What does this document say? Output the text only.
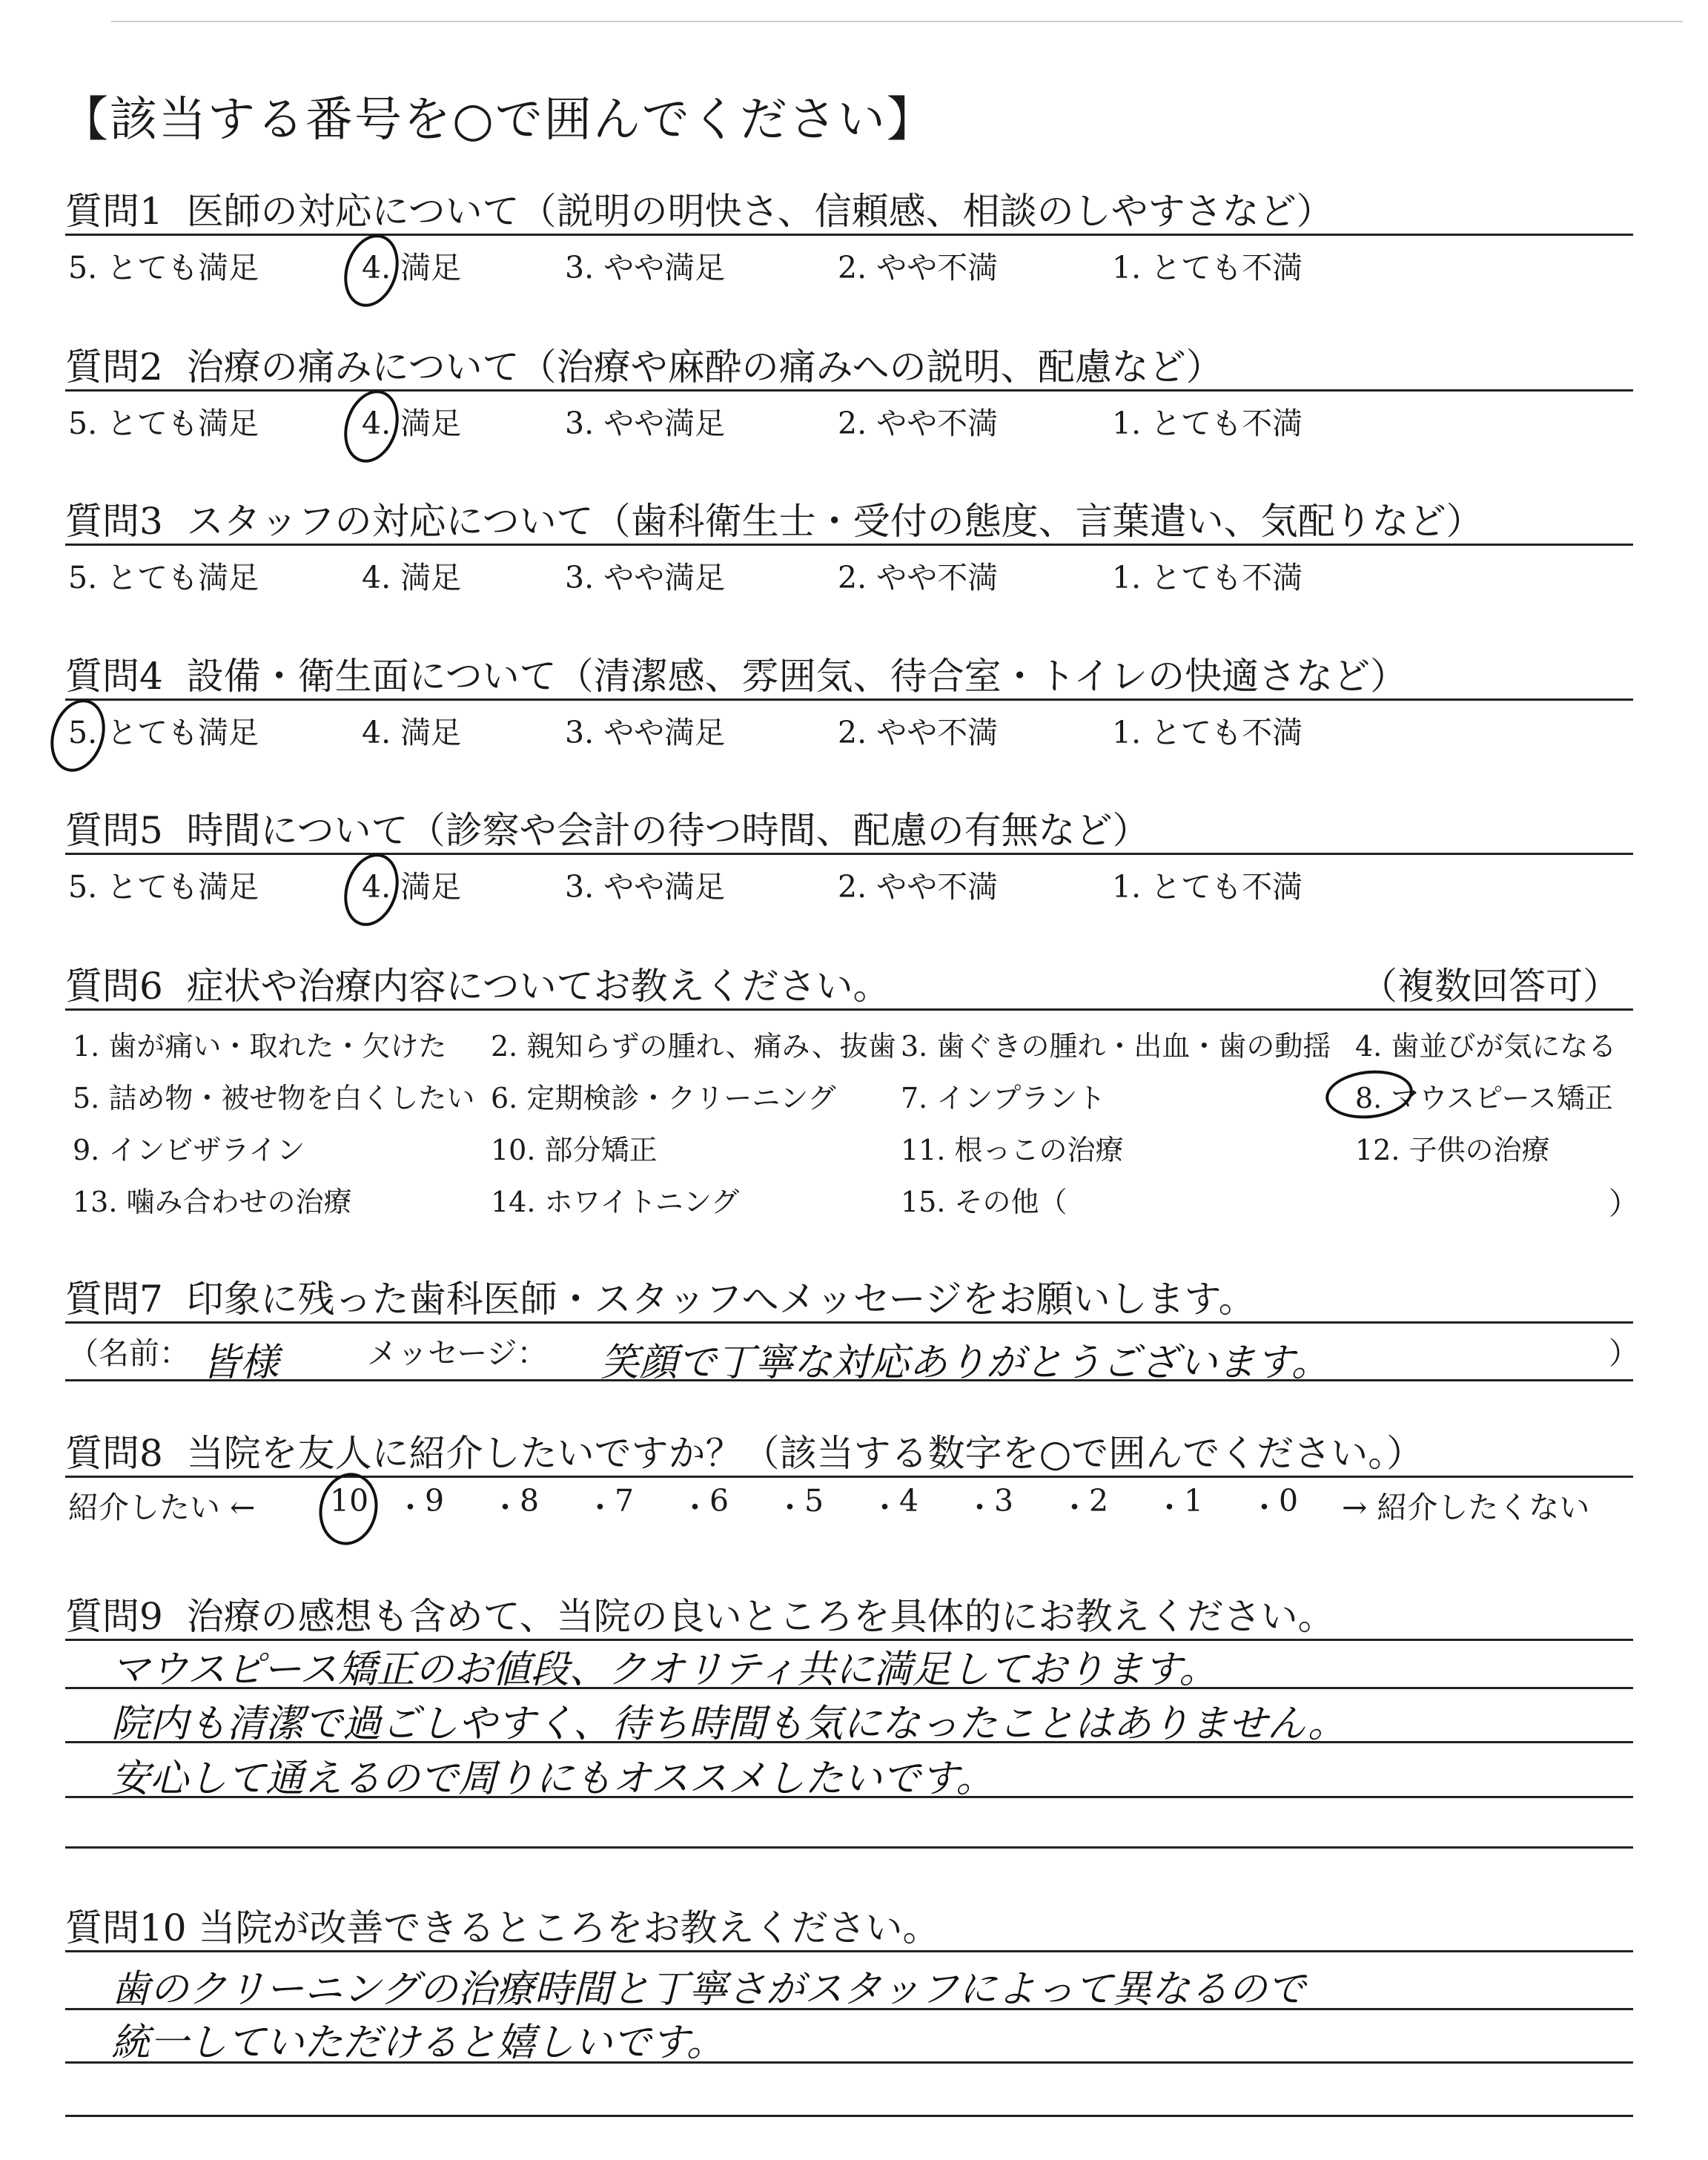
【該当する番号を○で囲んでください】
質問1 医師の対応について（説明の明快さ、信頼感、相談のしやすさなど）
5. とても満足	4. 満足	3. やや満足	2. やや不満	1. とても不満
質問2 治療の痛みについて（治療や麻酔の痛みへの説明、配慮など）
5. とても満足	4. 満足	3. やや満足	2. やや不満	1. とても不満
質問3 スタッフの対応について（歯科衛生士・受付の態度、言葉遣い、気配りなど）
5. とても満足	4. 満足	3. やや満足	2. やや不満	1. とても不満
質問4 設備・衛生面について（清潔感、雰囲気、待合室・トイレの快適さなど）
5. とても満足	4. 満足	3. やや満足	2. やや不満	1. とても不満
質問5 時間について（診察や会計の待つ時間、配慮の有無など）
5. とても満足	4. 満足	3. やや満足	2. やや不満	1. とても不満
質問6 症状や治療内容についてお教えください。	（複数回答可）
1. 歯が痛い・取れた・欠けた 2. 親知らずの腫れ、痛み、抜歯 3. 歯ぐきの腫れ・出血・歯の動揺 4. 歯並びが気になる
5. 詰め物・被せ物を白くしたい 6. 定期検診・クリーニング 7. インプラント	8. マウスピース矯正
9. インビザライン	10. 部分矯正	11. 根っこの治療	12. 子供の治療
13. 噛み合わせの治療	14. ホワイトニング	15. その他（	）
質問7 印象に残った歯科医師・スタッフへメッセージをお願いします。
（名前： 皆様	メッセージ： 笑顔で丁寧な対応ありがとうございます。	）
質問8 当院を友人に紹介したいですか？（該当する数字を○で囲んでください。）
紹介したい ← 10 ・ 9 ・ 8 ・ 7 ・ 6 ・ 5 ・ 4 ・ 3 ・ 2 ・ 1 ・ 0 → 紹介したくない
質問9 治療の感想も含めて、当院の良いところを具体的にお教えください。
マウスピース矯正のお値段、クオリティ共に満足しております。
院内も清潔で過ごしやすく、待ち時間も気になったことはありません。
安心して通えるので周りにもオススメしたいです。
質問10 当院が改善できるところをお教えください。
歯のクリーニングの治療時間と丁寧さがスタッフによって異なるので
統一していただけると嬉しいです。
